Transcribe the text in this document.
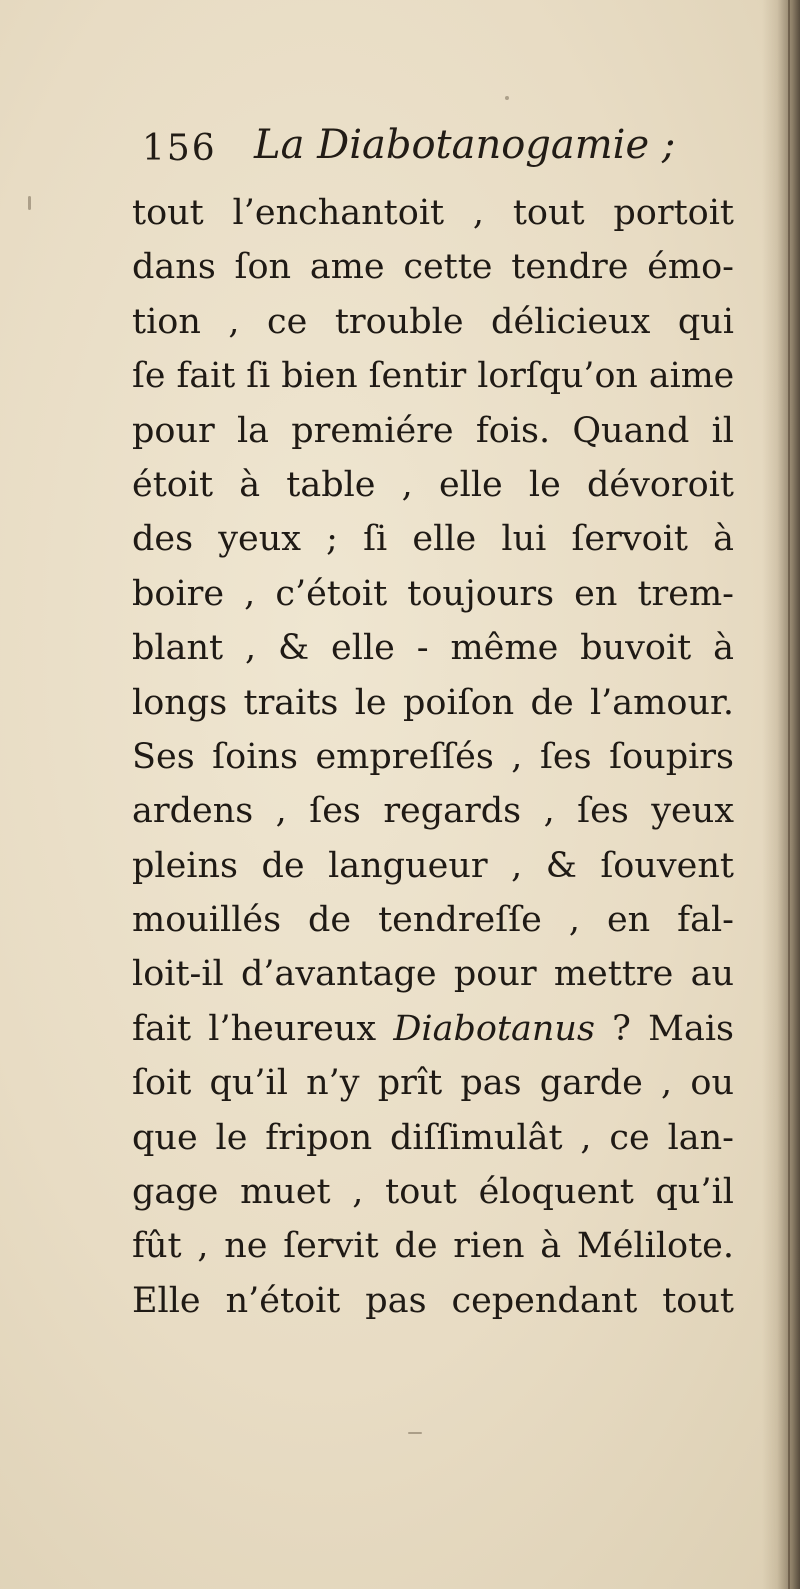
156 La Diabotanogamie ;
tout l’enchantoit , tout portoit
dans ſon ame cette tendre émo-
tion , ce trouble délicieux qui
ſe fait ſi bien ſentir lorſqu’on aime
pour la premiére fois. Quand il
étoit à table , elle le dévoroit
des yeux ; ſi elle lui ſervoit à
boire , c’étoit toujours en trem-
blant , & elle - même buvoit à
longs traits le poiſon de l’amour.
Ses ſoins empreſſés , ſes ſoupirs
ardens , ſes regards , ſes yeux
pleins de langueur , & ſouvent
mouillés de tendreſſe , en fal-
loit-il d’avantage pour mettre au
fait l’heureux Diabotanus ? Mais
ſoit qu’il n’y prît pas garde , ou
que le fripon diſſimulât , ce lan-
gage muet , tout éloquent qu’il
fût , ne ſervit de rien à Mélilote.
Elle n’étoit pas cependant tout
